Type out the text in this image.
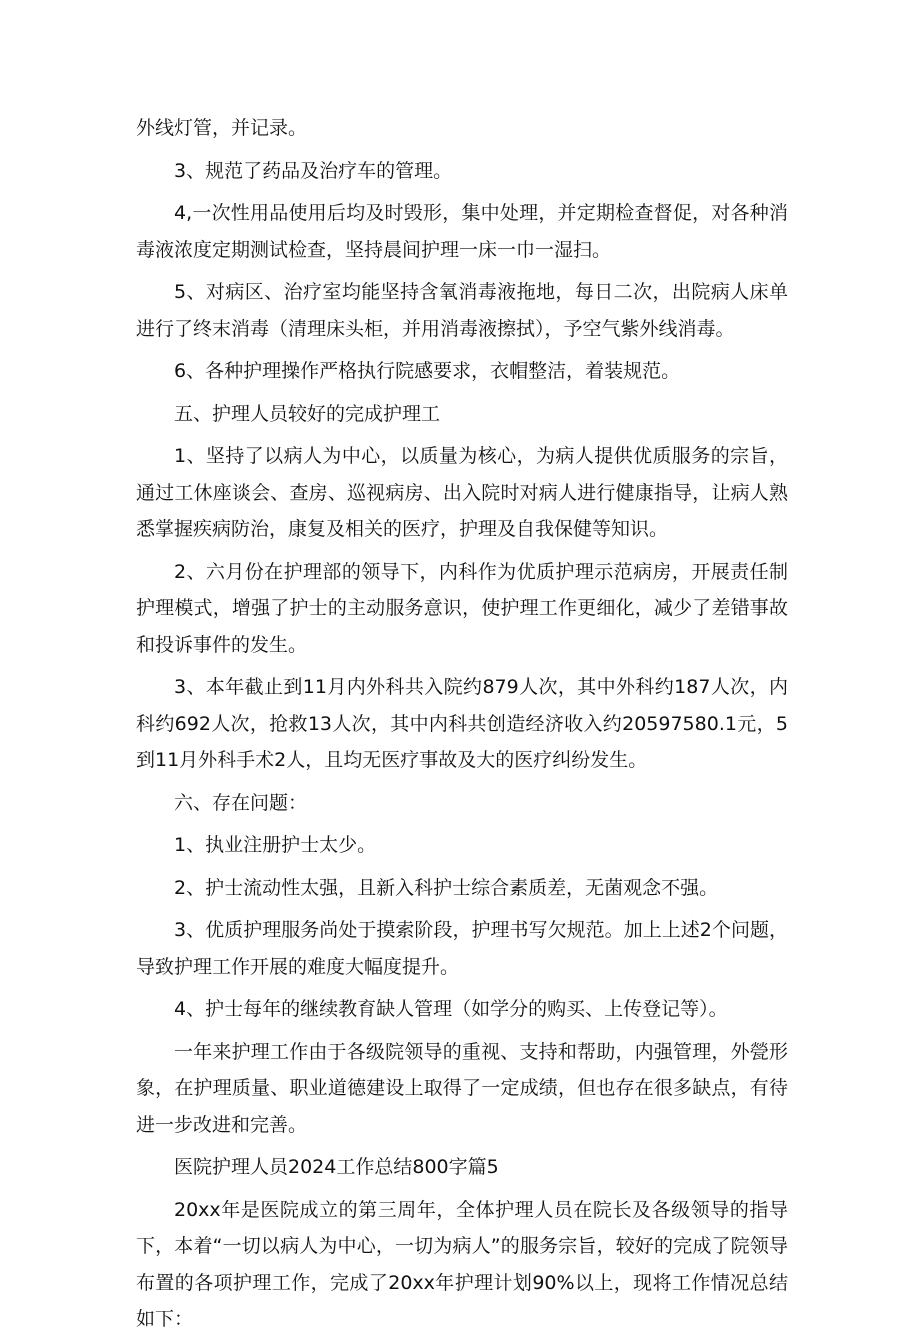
外线灯管，并记录。

3、规范了药品及治疗车的管理。

4,一次性用品使用后均及时毁形，集中处理，并定期检查督促，对各种消毒液浓度定期测试检查，坚持晨间护理一床一巾一湿扫。

5、对病区、治疗室均能坚持含氧消毒液拖地，每日二次，出院病人床单进行了终末消毒（清理床头柜，并用消毒液擦拭），予空气紫外线消毒。

6、各种护理操作严格执行院感要求，衣帽整洁，着装规范。

五、护理人员较好的完成护理工

1、坚持了以病人为中心，以质量为核心，为病人提供优质服务的宗旨，通过工休座谈会、查房、巡视病房、出入院时对病人进行健康指导，让病人熟悉掌握疾病防治，康复及相关的医疗，护理及自我保健等知识。

2、六月份在护理部的领导下，内科作为优质护理示范病房，开展责任制护理模式，增强了护士的主动服务意识，使护理工作更细化，减少了差错事故和投诉事件的发生。

3、本年截止到11月内外科共入院约879人次，其中外科约187人次，内科约692人次，抢救13人次，其中内科共创造经济收入约20597580.1元，5到11月外科手术2人，且均无医疗事故及大的医疗纠纷发生。

六、存在问题：

1、执业注册护士太少。

2、护士流动性太强，且新入科护士综合素质差，无菌观念不强。

3、优质护理服务尚处于摸索阶段，护理书写欠规范。加上上述2个问题，导致护理工作开展的难度大幅度提升。

4、护士每年的继续教育缺人管理（如学分的购买、上传登记等）。

一年来护理工作由于各级院领导的重视、支持和帮助，内强管理，外甇形象，在护理质量、职业道德建设上取得了一定成绩，但也存在很多缺点，有待进一步改进和完善。

医院护理人员2024工作总结800字篇5

20xx年是医院成立的第三周年，全体护理人员在院长及各级领导的指导下，本着“一切以病人为中心，一切为病人”的服务宗旨，较好的完成了院领导布置的各项护理工作，完成了20xx年护理计划90%以上，现将工作情况总结如下：
